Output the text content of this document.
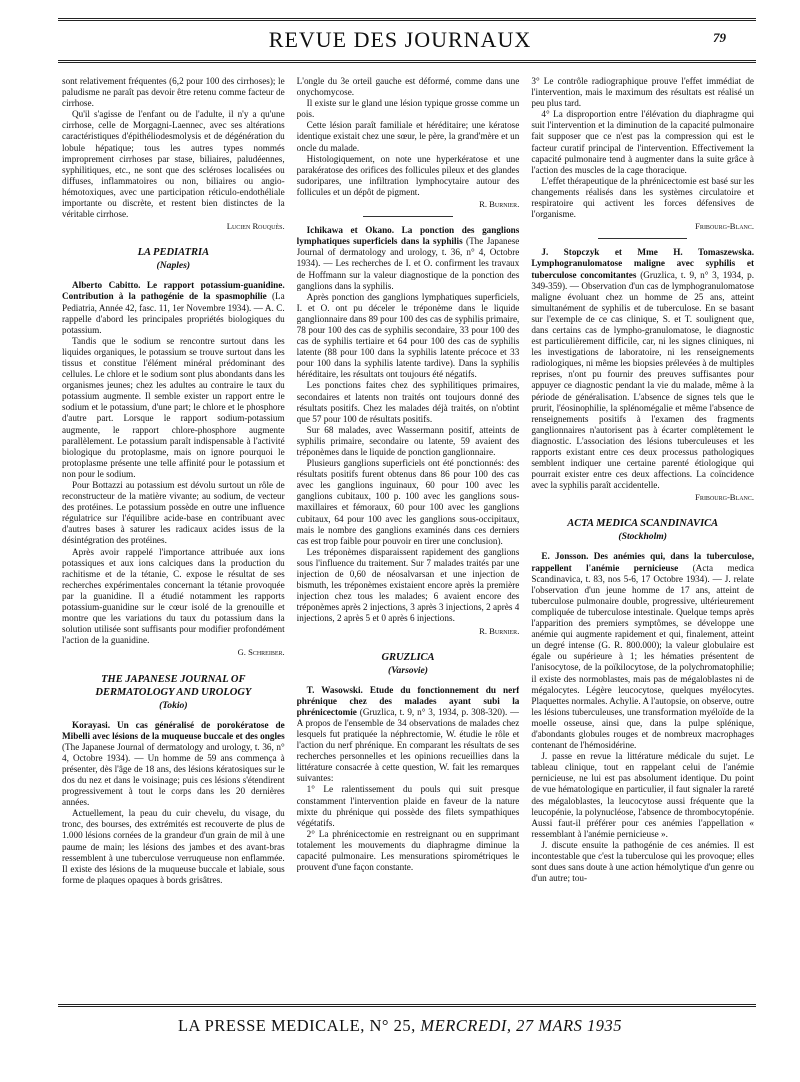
REVUE DES JOURNAUX	79

sont relativement fréquentes (6,2 pour 100 des cirrhoses); le paludisme ne paraît pas devoir être retenu comme facteur de cirrhose.

Qu'il s'agisse de l'enfant ou de l'adulte, il n'y a qu'une cirrhose, celle de Morgagni-Laennec, avec ses altérations caractéristiques d'épithéliodesmolysis et de dégénération du lobule hépatique; tous les autres types nommés improprement cirrhoses par stase, biliaires, paludéennes, syphilitiques, etc., ne sont que des scléroses localisées ou diffuses, inflammatoires ou non, biliaires ou angio-hémotoxiques, avec une participation réticulo-endothéliale importante ou discrète, et restent bien distinctes de la véritable cirrhose.

Lucien Rouquès.

LA PEDIATRIA
(Naples)

Alberto Cabitto. Le rapport potassium-guanidine. Contribution à la pathogénie de la spasmophilie (La Pediatria, Année 42, fasc. 11, 1er Novembre 1934). — A. C. rappelle d'abord les principales propriétés biologiques du potassium.

Tandis que le sodium se rencontre surtout dans les liquides organiques, le potassium se trouve surtout dans les tissus et constitue l'élément minéral prédominant des cellules. Le chlore et le sodium sont plus abondants dans les organismes jeunes; chez les adultes au contraire le taux du potassium augmente. Il semble exister un rapport entre le sodium et le potassium, d'une part; le chlore et le phosphore d'autre part. Lorsque le rapport sodium-potassium augmente, le rapport chlore-phosphore augmente parallèlement. Le potassium paraît indispensable à l'activité biologique du protoplasme, mais on ignore pourquoi le protoplasme présente une telle affinité pour le potassium et non pour le sodium.

Pour Bottazzi au potassium est dévolu surtout un rôle de reconstructeur de la matière vivante; au sodium, de vecteur des protéines. Le potassium possède en outre une influence régulatrice sur l'équilibre acide-base en contribuant avec d'autres bases à saturer les radicaux acides issus de la désintégration des protéines.

Après avoir rappelé l'importance attribuée aux ions potassiques et aux ions calciques dans la production du rachitisme et de la tétanie, C. expose le résultat de ses recherches expérimentales concernant la tétanie provoquée par la guanidine. Il a étudié notamment les rapports potassium-guanidine sur le cœur isolé de la grenouille et montre que les variations du taux du potassium dans la solution utilisée sont suffisants pour modifier profondément l'action de la guanidine.

G. Schreiber.

THE JAPANESE JOURNAL OF DERMATOLOGY AND UROLOGY
(Tokio)

Korayasi. Un cas généralisé de porokératose de Mibelli avec lésions de la muqueuse buccale et des ongles (The Japanese Journal of dermatology and urology, t. 36, n° 4, Octobre 1934). — Un homme de 59 ans commença à présenter, dès l'âge de 18 ans, des lésions kératosiques sur le dos du nez et dans le voisinage; puis ces lésions s'étendirent progressivement à tout le corps dans les 20 dernières années.

Actuellement, la peau du cuir chevelu, du visage, du tronc, des bourses, des extrémités est recouverte de plus de 1.000 lésions cornées de la grandeur d'un grain de mil à une paume de main; les lésions des jambes et des avant-bras ressemblent à une tuberculose verruqueuse non enflammée. Il existe des lésions de la muqueuse buccale et labiale, sous forme de plaques opaques à bords grisâtres.

L'ongle du 3e orteil gauche est déformé, comme dans une onychomycose.

Il existe sur le gland une lésion typique grosse comme un pois.

Cette lésion paraît familiale et héréditaire; une kératose identique existait chez une sœur, le père, la grand'mère et un oncle du malade.

Histologiquement, on note une hyperkératose et une parakératose des orifices des follicules pileux et des glandes sudoripares, une infiltration lymphocytaire autour des follicules et un dépôt de pigment.

R. Burnier.

Ichikawa et Okano. La ponction des ganglions lymphatiques superficiels dans la syphilis (The Japanese Journal of dermatology and urology, t. 36, n° 4, Octobre 1934). — Les recherches de I. et O. confirment les travaux de Hoffmann sur la valeur diagnostique de la ponction des ganglions dans la syphilis.

Après ponction des ganglions lymphatiques superficiels, I. et O. ont pu déceler le tréponème dans le liquide ganglionnaire dans 89 pour 100 des cas de syphilis primaire, 78 pour 100 des cas de syphilis secondaire, 33 pour 100 des cas de syphilis tertiaire et 64 pour 100 des cas de syphilis latente (88 pour 100 dans la syphilis latente précoce et 33 pour 100 dans la syphilis latente tardive). Dans la syphilis héréditaire, les résultats ont toujours été négatifs.

Les ponctions faites chez des syphilitiques primaires, secondaires et latents non traités ont toujours donné des résultats positifs. Chez les malades déjà traités, on n'obtint que 57 pour 100 de résultats positifs.

Sur 68 malades, avec Wassermann positif, atteints de syphilis primaire, secondaire ou latente, 59 avaient des tréponèmes dans le liquide de ponction ganglionnaire.

Plusieurs ganglions superficiels ont été ponctionnés: des résultats positifs furent obtenus dans 86 pour 100 des cas avec les ganglions inguinaux, 60 pour 100 avec les ganglions cubitaux, 100 p. 100 avec les ganglions sous-maxillaires et fémoraux, 60 pour 100 avec les ganglions cubitaux, 64 pour 100 avec les ganglions sous-occipitaux, mais le nombre des ganglions examinés dans ces derniers cas est trop faible pour pouvoir en tirer une conclusion).

Les tréponèmes disparaissent rapidement des ganglions sous l'influence du traitement. Sur 7 malades traités par une injection de 0,60 de néosalvarsan et une injection de bismuth, les tréponèmes existaient encore après la première injection chez tous les malades; 6 avaient encore des tréponèmes après 2 injections, 3 après 3 injections, 2 après 4 injections, 2 après 5 et 0 après 6 injections.

R. Burnier.

GRUZLICA
(Varsovie)

T. Wasowski. Etude du fonctionnement du nerf phrénique chez des malades ayant subi la phrénicectomie (Gruzlica, t. 9, n° 3, 1934, p. 308-320). — A propos de l'ensemble de 34 observations de malades chez lesquels fut pratiquée la néphrectomie, W. étudie le rôle et l'action du nerf phrénique. En comparant les résultats de ses recherches personnelles et les opinions recueillies dans la littérature consacrée à cette question, W. fait les remarques suivantes:

1° Le ralentissement du pouls qui suit presque constamment l'intervention plaide en faveur de la nature mixte du phrénique qui possède des filets sympathiques végétatifs.

2° La phrénicectomie en restreignant ou en supprimant totalement les mouvements du diaphragme diminue la capacité pulmonaire. Les mensurations spirométriques le prouvent d'une façon constante.

3° Le contrôle radiographique prouve l'effet immédiat de l'intervention, mais le maximum des résultats est réalisé un peu plus tard.

4° La disproportion entre l'élévation du diaphragme qui suit l'intervention et la diminution de la capacité pulmonaire fait supposer que ce n'est pas la compression qui est le facteur curatif principal de l'intervention. Effectivement la capacité pulmonaire tend à augmenter dans la suite grâce à l'action des muscles de la cage thoracique.

L'effet thérapeutique de la phrénicectomie est basé sur les changements réalisés dans les systèmes circulatoire et respiratoire qui activent les forces défensives de l'organisme.

Fribourg-Blanc.

J. Stopczyk et Mme H. Tomaszewska. Lymphogranulomatose maligne avec syphilis et tuberculose concomitantes (Gruzlica, t. 9, n° 3, 1934, p. 349-359). — Observation d'un cas de lymphogranulomatose maligne évoluant chez un homme de 25 ans, atteint simultanément de syphilis et de tuberculose. En se basant sur l'exemple de ce cas clinique, S. et T. soulignent que, dans certains cas de lympho-granulomatose, le diagnostic est particulièrement difficile, car, ni les signes cliniques, ni les investigations de laboratoire, ni les renseignements radiologiques, ni même les biopsies prélevées à de multiples reprises, n'ont pu fournir des preuves suffisantes pour appuyer ce diagnostic pendant la vie du malade, même à la période de généralisation. L'absence de signes tels que le prurit, l'éosinophilie, la splénomégalie et même l'absence de renseignements positifs à l'examen des fragments ganglionnaires n'autorisent pas à écarter complètement le diagnostic. L'association des lésions tuberculeuses et les rapports existant entre ces deux processus pathologiques semblent indiquer une certaine parenté étiologique qui pourrait exister entre ces deux affections. La coïncidence avec la syphilis paraît accidentelle.

Fribourg-Blanc.

ACTA MEDICA SCANDINAVICA
(Stockholm)

E. Jonsson. Des anémies qui, dans la tuberculose, rappellent l'anémie pernicieuse (Acta medica Scandinavica, t. 83, nos 5-6, 17 Octobre 1934). — J. relate l'observation d'un jeune homme de 17 ans, atteint de tuberculose pulmonaire double, progressive, ultérieurement compliquée de tuberculose intestinale. Quelque temps après l'apparition des premiers symptômes, se développe une anémie qui augmente rapidement et qui, finalement, atteint un degré intense (G. R. 800.000); la valeur globulaire est égale ou supérieure à 1; les hématies présentent de l'anisocytose, de la poïkilocytose, de la polychromatophilie; il existe des normoblastes, mais pas de mégaloblastes ni de mégalocytes. Légère leucocytose, quelques myélocytes. Plaquettes normales. Achylie. A l'autopsie, on observe, outre les lésions tuberculeuses, une transformation myéloïde de la moelle osseuse, ainsi que, dans la pulpe splénique, d'abondants globules rouges et de nombreux macrophages contenant de l'hémosidérine.

J. passe en revue la littérature médicale du sujet. Le tableau clinique, tout en rappelant celui de l'anémie pernicieuse, ne lui est pas absolument identique. Du point de vue hématologique en particulier, il faut signaler la rareté des mégaloblastes, la leucocytose aussi fréquente que la leucopénie, la polynucléose, l'absence de thrombocytopénie. Aussi faut-il préférer pour ces anémies l'appellation « ressemblant à l'anémie pernicieuse ».

J. discute ensuite la pathogénie de ces anémies. Il est incontestable que c'est la tuberculose qui les provoque; elles sont dues sans doute à une action hémolytique d'un genre ou d'un autre; tou-

LA PRESSE MEDICALE, N° 25, MERCREDI, 27 MARS 1935
